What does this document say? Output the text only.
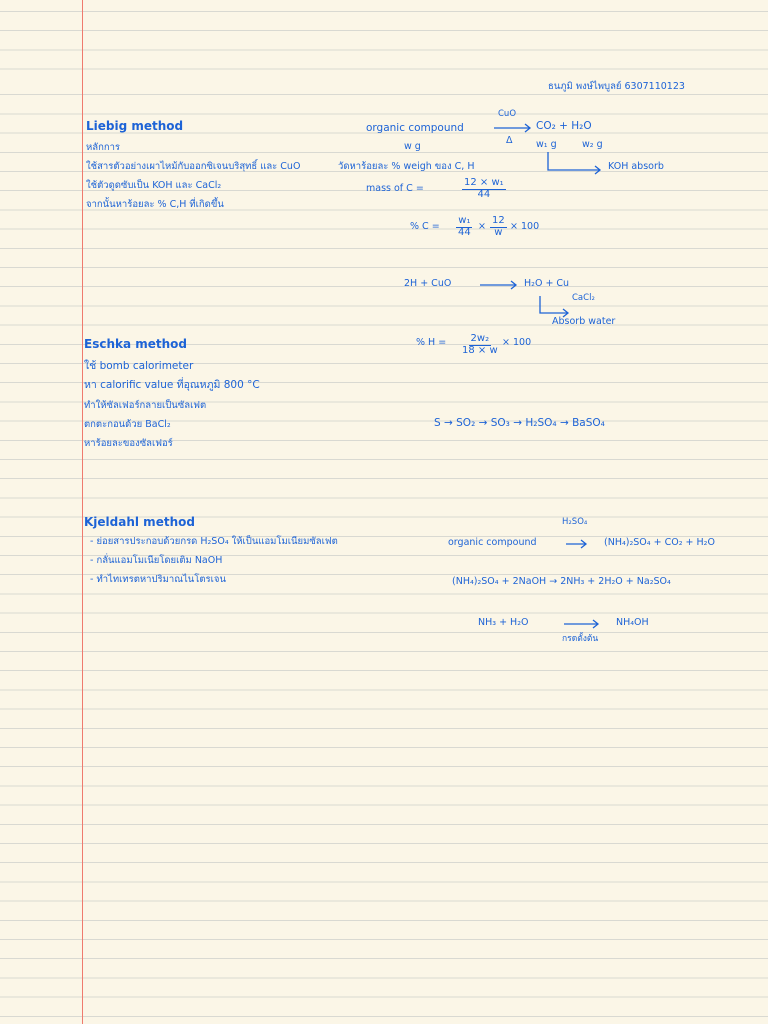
ธนภูมิ พงษ์ไพบูลย์ 6307110123
Liebig method
หลักการ
ใช้สารตัวอย่างเผาไหม้กับออกซิเจนบริสุทธิ์ และ CuO
ใช้ตัวดูดซับเป็น KOH และ CaCl₂
จากนั้นหาร้อยละ % C,H ที่เกิดขึ้น
CuO
organic compound	CO₂ + H₂O
w g
Δ w₁ g	w₂ g
KOH absorb
วัดหาร้อยละ % weigh ของ C, H
mass of C =	$\frac{\text{12 × w₁}}{44}$
% $C = \frac{\text{w₁}}{44} \times \frac{12}{w} \times 100$
2H + CuO	H₂O + Cu
CaCl₂
Absorb water
Eschka method
ใช้ bomb calorimeter
หา calorific value ที่อุณหภูมิ 800 °C
ทำให้ซัลเฟอร์กลายเป็นซัลเฟต
ตกตะกอนด้วย BaCl₂
หาร้อยละของซัลเฟอร์
% $H = \frac{\text{2w₂}}{18 \times w} \times 100$
S → SO₂ → SO₃ → H₂SO₄ → BaSO₄
Kjeldahl method
- ย่อยสารประกอบด้วยกรด H₂SO₄ ให้เป็นแอมโมเนียมซัลเฟต
- กลั่นแอมโมเนียโดยเติม NaOH
- ทำไทเทรตหาปริมาณไนโตรเจน
H₂SO₄
organic compound	(NH₄)₂SO₄ + CO₂ + H₂O
(NH₄)₂SO₄ + 2NaOH → 2NH₃ + 2H₂O + Na₂SO₄
NH₃ + H₂O	NH₄OH
กรดตั้งต้น
